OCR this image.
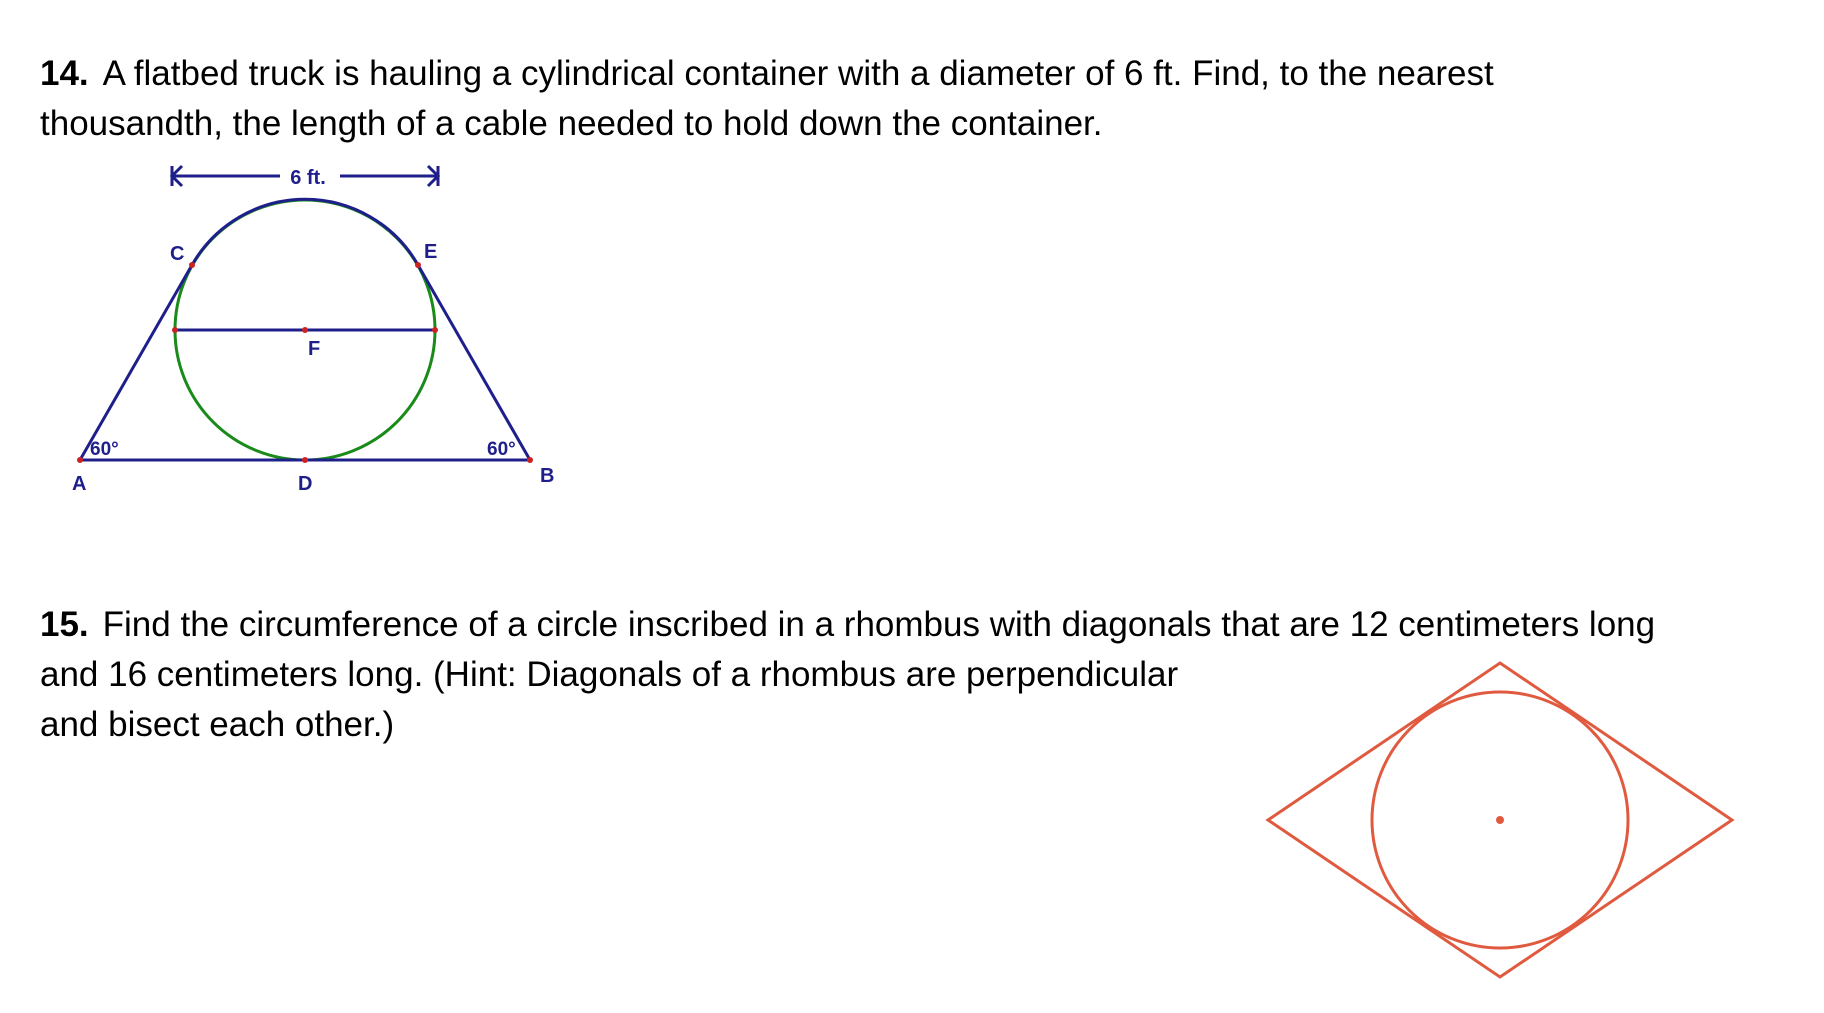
14. A flatbed truck is hauling a cylindrical container with a diameter of 6 ft. Find, to the nearest
thousandth, the length of a cable needed to hold down the container.
6 ft.
A	B
C
D
E
F
60°	60°
15. Find the circumference of a circle inscribed in a rhombus with diagonals that are 12 centimeters long
and 16 centimeters long. (Hint: Diagonals of a rhombus are perpendicular
and bisect each other.)
